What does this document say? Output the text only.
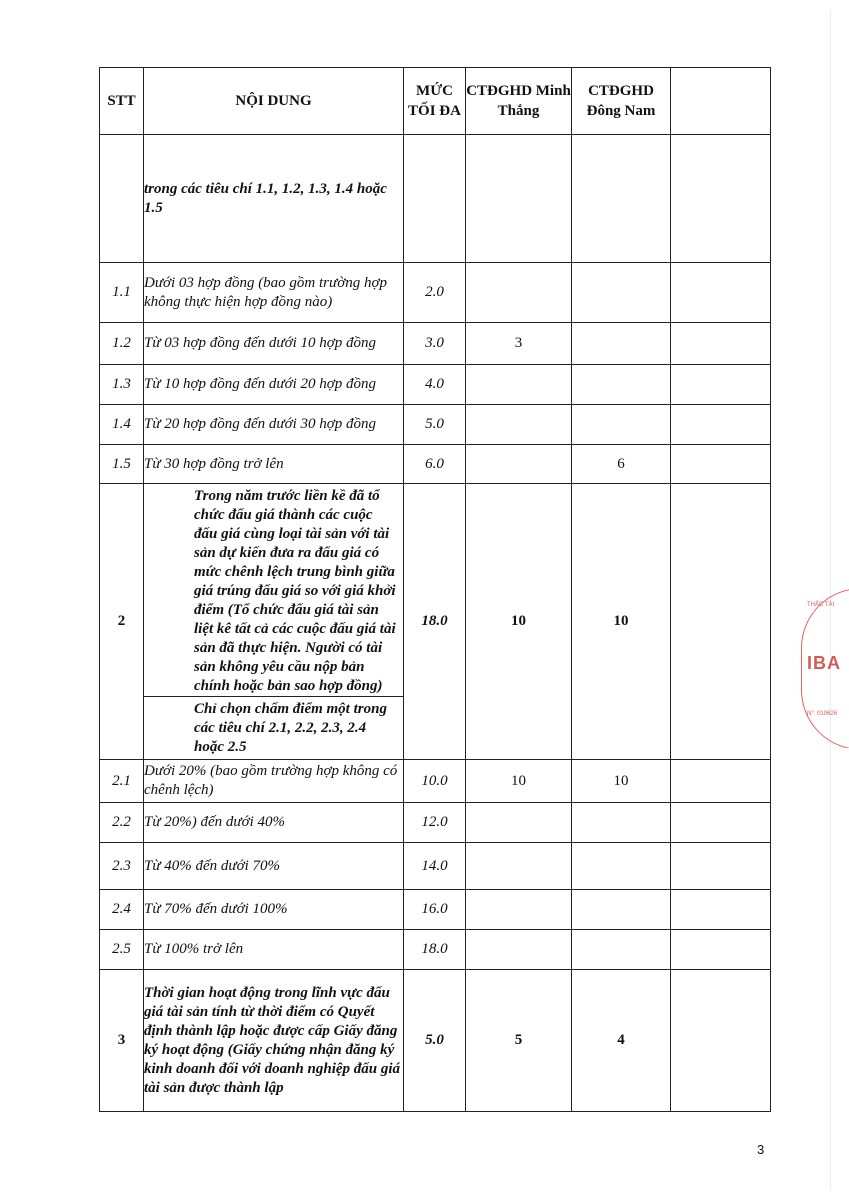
STT	NỘI DUNG	MỨC TỐI ĐA	CTĐGHD Minh Thắng	CTĐGHD Đông Nam	
	trong các tiêu chí 1.1, 1.2, 1.3, 1.4 hoặc 1.5				
1.1	Dưới 03 hợp đồng (bao gồm trường hợp không thực hiện hợp đồng nào)	2.0			
1.2	Từ 03 hợp đồng đến dưới 10 hợp đồng	3.0	3		
1.3	Từ 10 hợp đồng đến dưới 20 hợp đồng	4.0			
1.4	Từ 20 hợp đồng đến dưới 30 hợp đồng	5.0			
1.5	Từ 30 hợp đồng trở lên	6.0		6	
2	Trong năm trước liền kề đã tổ chức đấu giá thành các cuộc đấu giá cùng loại tài sản với tài sản dự kiến đưa ra đấu giá có mức chênh lệch trung bình giữa giá trúng đấu giá so với giá khởi điểm (Tổ chức đấu giá tài sản liệt kê tất cả các cuộc đấu giá tài sản đã thực hiện. Người có tài sản không yêu cầu nộp bản chính hoặc bản sao hợp đồng)
Chỉ chọn chấm điểm một trong các tiêu chí 2.1, 2.2, 2.3, 2.4 hoặc 2.5	18.0	10	10	
2.1	Dưới 20% (bao gồm trường hợp không có chênh lệch)	10.0	10	10	
2.2	Từ 20%) đến dưới 40%	12.0			
2.3	Từ 40% đến dưới 70%	14.0			
2.4	Từ 70% đến dưới 100%	16.0			
2.5	Từ 100% trở lên	18.0			
3	Thời gian hoạt động trong lĩnh vực đấu giá tài sản tính từ thời điểm có Quyết định thành lập hoặc được cấp Giấy đăng ký hoạt động (Giấy chứng nhận đăng ký kinh doanh đối với doanh nghiệp đấu giá tài sản được thành lập	5.0	5	4	
THẮC TÀI
IBA
N°: 010626
3
